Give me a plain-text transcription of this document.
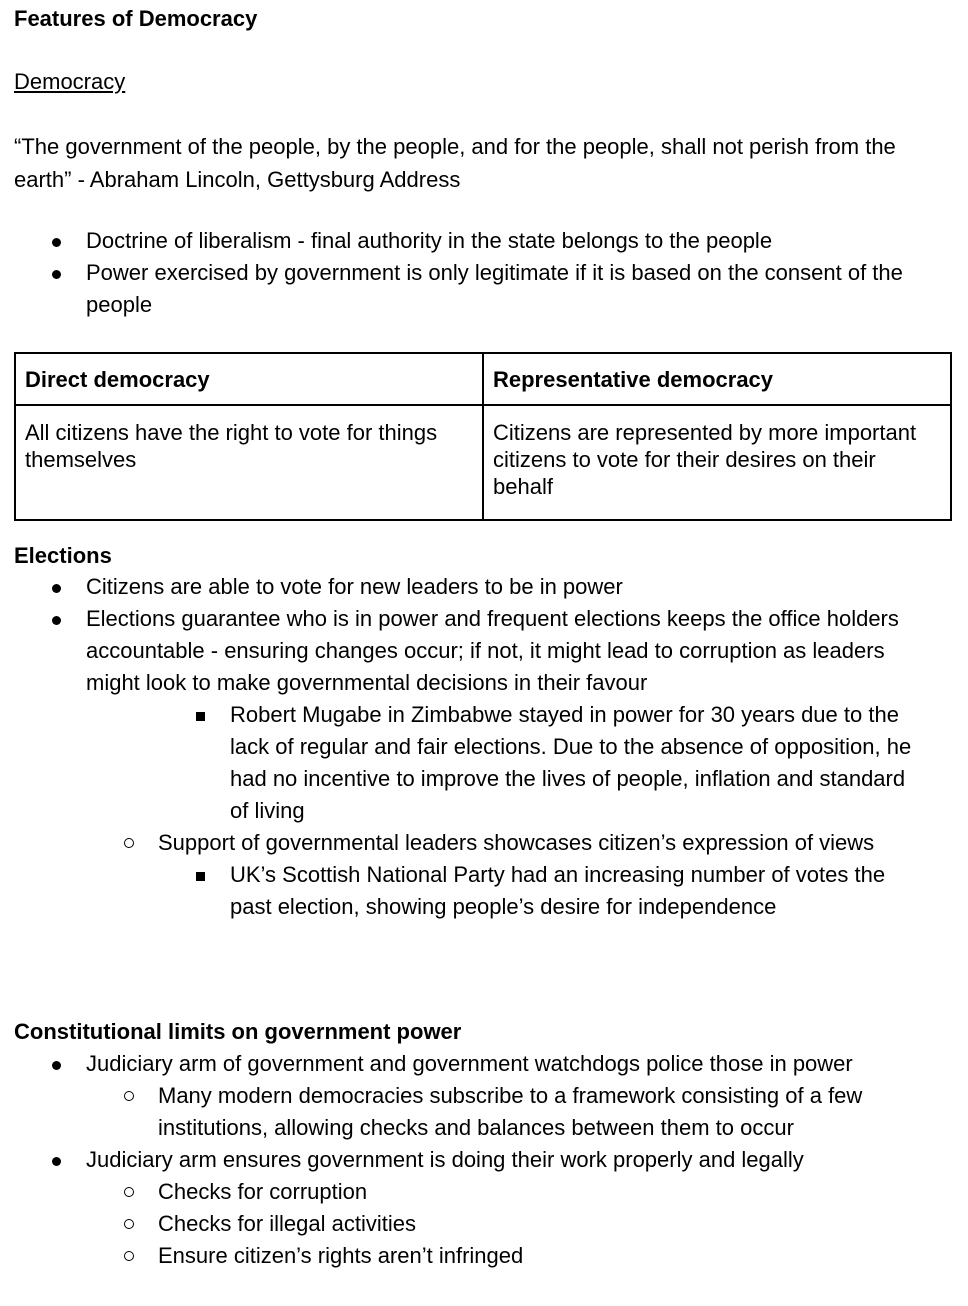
Features of Democracy
Democracy
“The government of the people, by the people, and for the people, shall not perish from the earth” - Abraham Lincoln, Gettysburg Address
Doctrine of liberalism - final authority in the state belongs to the people
Power exercised by government is only legitimate if it is based on the consent of the people
Direct democracy	Representative democracy
All citizens have the right to vote for things themselves	Citizens are represented by more important citizens to vote for their desires on their behalf
Elections
Citizens are able to vote for new leaders to be in power
Elections guarantee who is in power and frequent elections keeps the office holders accountable - ensuring changes occur; if not, it might lead to corruption as leaders might look to make governmental decisions in their favour
Robert Mugabe in Zimbabwe stayed in power for 30 years due to the lack of regular and fair elections. Due to the absence of opposition, he had no incentive to improve the lives of people, inflation and standard of living
Support of governmental leaders showcases citizen’s expression of views
UK’s Scottish National Party had an increasing number of votes the past election, showing people’s desire for independence
Constitutional limits on government power
Judiciary arm of government and government watchdogs police those in power
Many modern democracies subscribe to a framework consisting of a few institutions, allowing checks and balances between them to occur
Judiciary arm ensures government is doing their work properly and legally
Checks for corruption
Checks for illegal activities
Ensure citizen’s rights aren’t infringed
